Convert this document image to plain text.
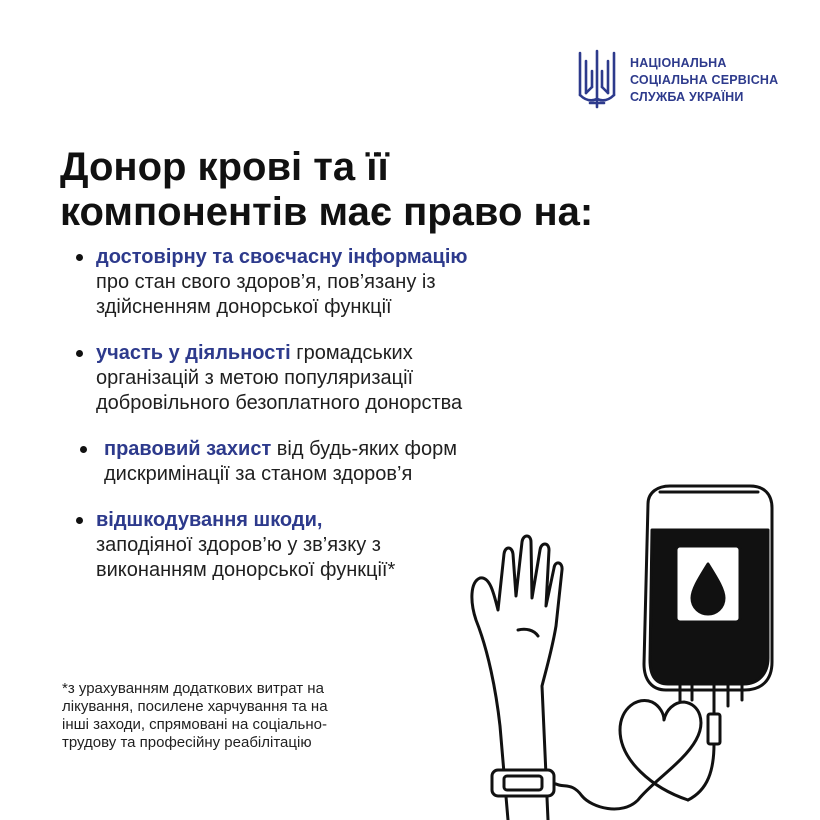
НАЦІОНАЛЬНА
СОЦІАЛЬНА СЕРВІСНА
СЛУЖБА УКРАЇНИ
Донор крові та її
компонентів має право на:
достовірну та своєчасну інформацію
про стан свого здоров’я, пов’язану із
здійсненням донорської функції
участь у діяльності громадських
організацій з метою популяризації
добровільного безоплатного донорства
правовий захист від будь-яких форм
дискримінації за станом здоров’я
відшкодування шкоди,
заподіяної здоров’ю у зв’язку з
виконанням донорської функції*

*з урахуванням додаткових витрат на
лікування, посилене харчування та на
інші заходи, спрямовані на соціально-
трудову та професійну реабілітацію
